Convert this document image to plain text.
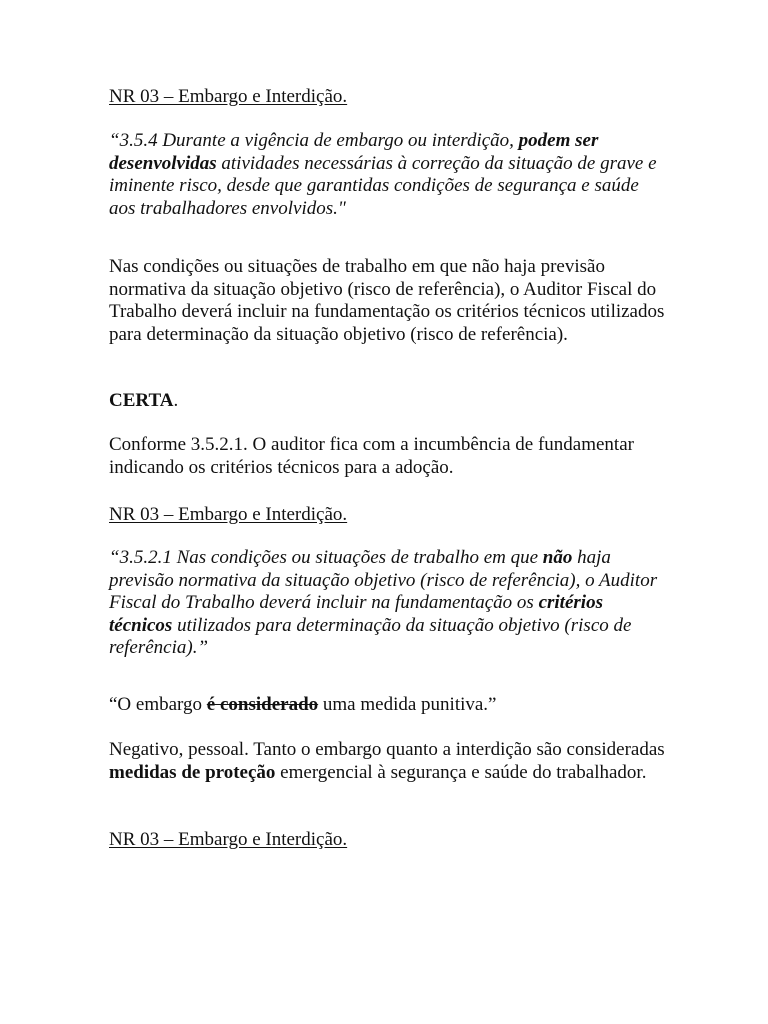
NR 03 – Embargo e Interdição.

“3.5.4 Durante a vigência de embargo ou interdição, podem ser desenvolvidas atividades necessárias à correção da situação de grave e iminente risco, desde que garantidas condições de segurança e saúde aos trabalhadores envolvidos."

Nas condições ou situações de trabalho em que não haja previsão normativa da situação objetivo (risco de referência), o Auditor Fiscal do Trabalho deverá incluir na fundamentação os critérios técnicos utilizados para determinação da situação objetivo (risco de referência).

CERTA.

Conforme 3.5.2.1. O auditor fica com a incumbência de fundamentar indicando os critérios técnicos para a adoção.

NR 03 – Embargo e Interdição.

“3.5.2.1 Nas condições ou situações de trabalho em que não haja previsão normativa da situação objetivo (risco de referência), o Auditor Fiscal do Trabalho deverá incluir na fundamentação os critérios técnicos utilizados para determinação da situação objetivo (risco de referência).”

“O embargo é considerado uma medida punitiva.”

Negativo, pessoal. Tanto o embargo quanto a interdição são consideradas medidas de proteção emergencial à segurança e saúde do trabalhador.

NR 03 – Embargo e Interdição.
